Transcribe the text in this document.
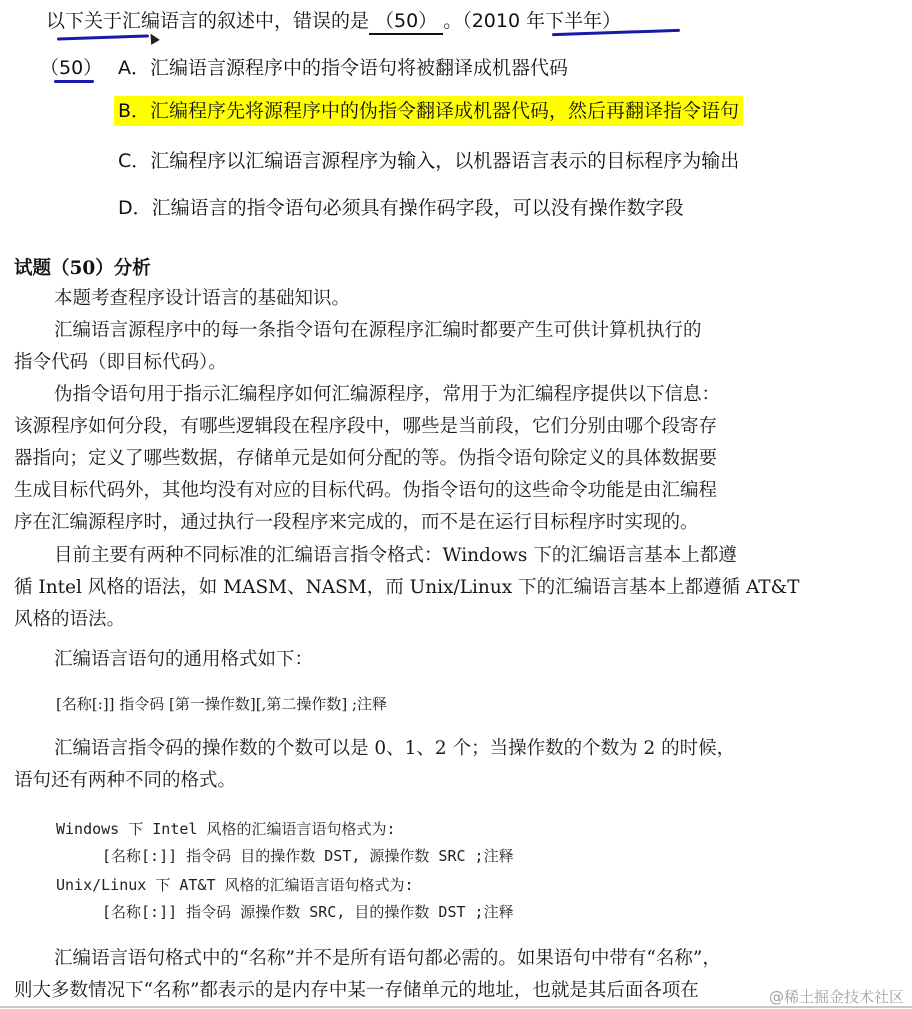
以下关于汇编语言的叙述中，错误的是 （50） 。（2010 年下半年）
（50） A．汇编语言源程序中的指令语句将被翻译成机器代码
B．汇编程序先将源程序中的伪指令翻译成机器代码，然后再翻译指令语句
C．汇编程序以汇编语言源程序为输入，以机器语言表示的目标程序为输出
D．汇编语言的指令语句必须具有操作码字段，可以没有操作数字段
试题（50）分析
本题考查程序设计语言的基础知识。
汇编语言源程序中的每一条指令语句在源程序汇编时都要产生可供计算机执行的
指令代码（即目标代码）。
伪指令语句用于指示汇编程序如何汇编源程序，常用于为汇编程序提供以下信息：
该源程序如何分段，有哪些逻辑段在程序段中，哪些是当前段，它们分别由哪个段寄存
器指向；定义了哪些数据，存储单元是如何分配的等。伪指令语句除定义的具体数据要
生成目标代码外，其他均没有对应的目标代码。伪指令语句的这些命令功能是由汇编程
序在汇编源程序时，通过执行一段程序来完成的，而不是在运行目标程序时实现的。
目前主要有两种不同标准的汇编语言指令格式：Windows 下的汇编语言基本上都遵
循 Intel 风格的语法，如 MASM、NASM，而 Unix/Linux 下的汇编语言基本上都遵循 AT&T
风格的语法。
汇编语言语句的通用格式如下：
[名称[:]] 指令码 [第一操作数][,第二操作数] ;注释
汇编语言指令码的操作数的个数可以是 0、1、2 个；当操作数的个数为 2 的时候，
语句还有两种不同的格式。
Windows 下 Intel 风格的汇编语言语句格式为:
[名称[:]] 指令码 目的操作数 DST, 源操作数 SRC ;注释
Unix/Linux 下 AT&T 风格的汇编语言语句格式为:
[名称[:]] 指令码 源操作数 SRC, 目的操作数 DST ;注释
汇编语言语句格式中的“名称”并不是所有语句都必需的。如果语句中带有“名称”，
则大多数情况下“名称”都表示的是内存中某一存储单元的地址，也就是其后面各项在	@稀土掘金技术社区
